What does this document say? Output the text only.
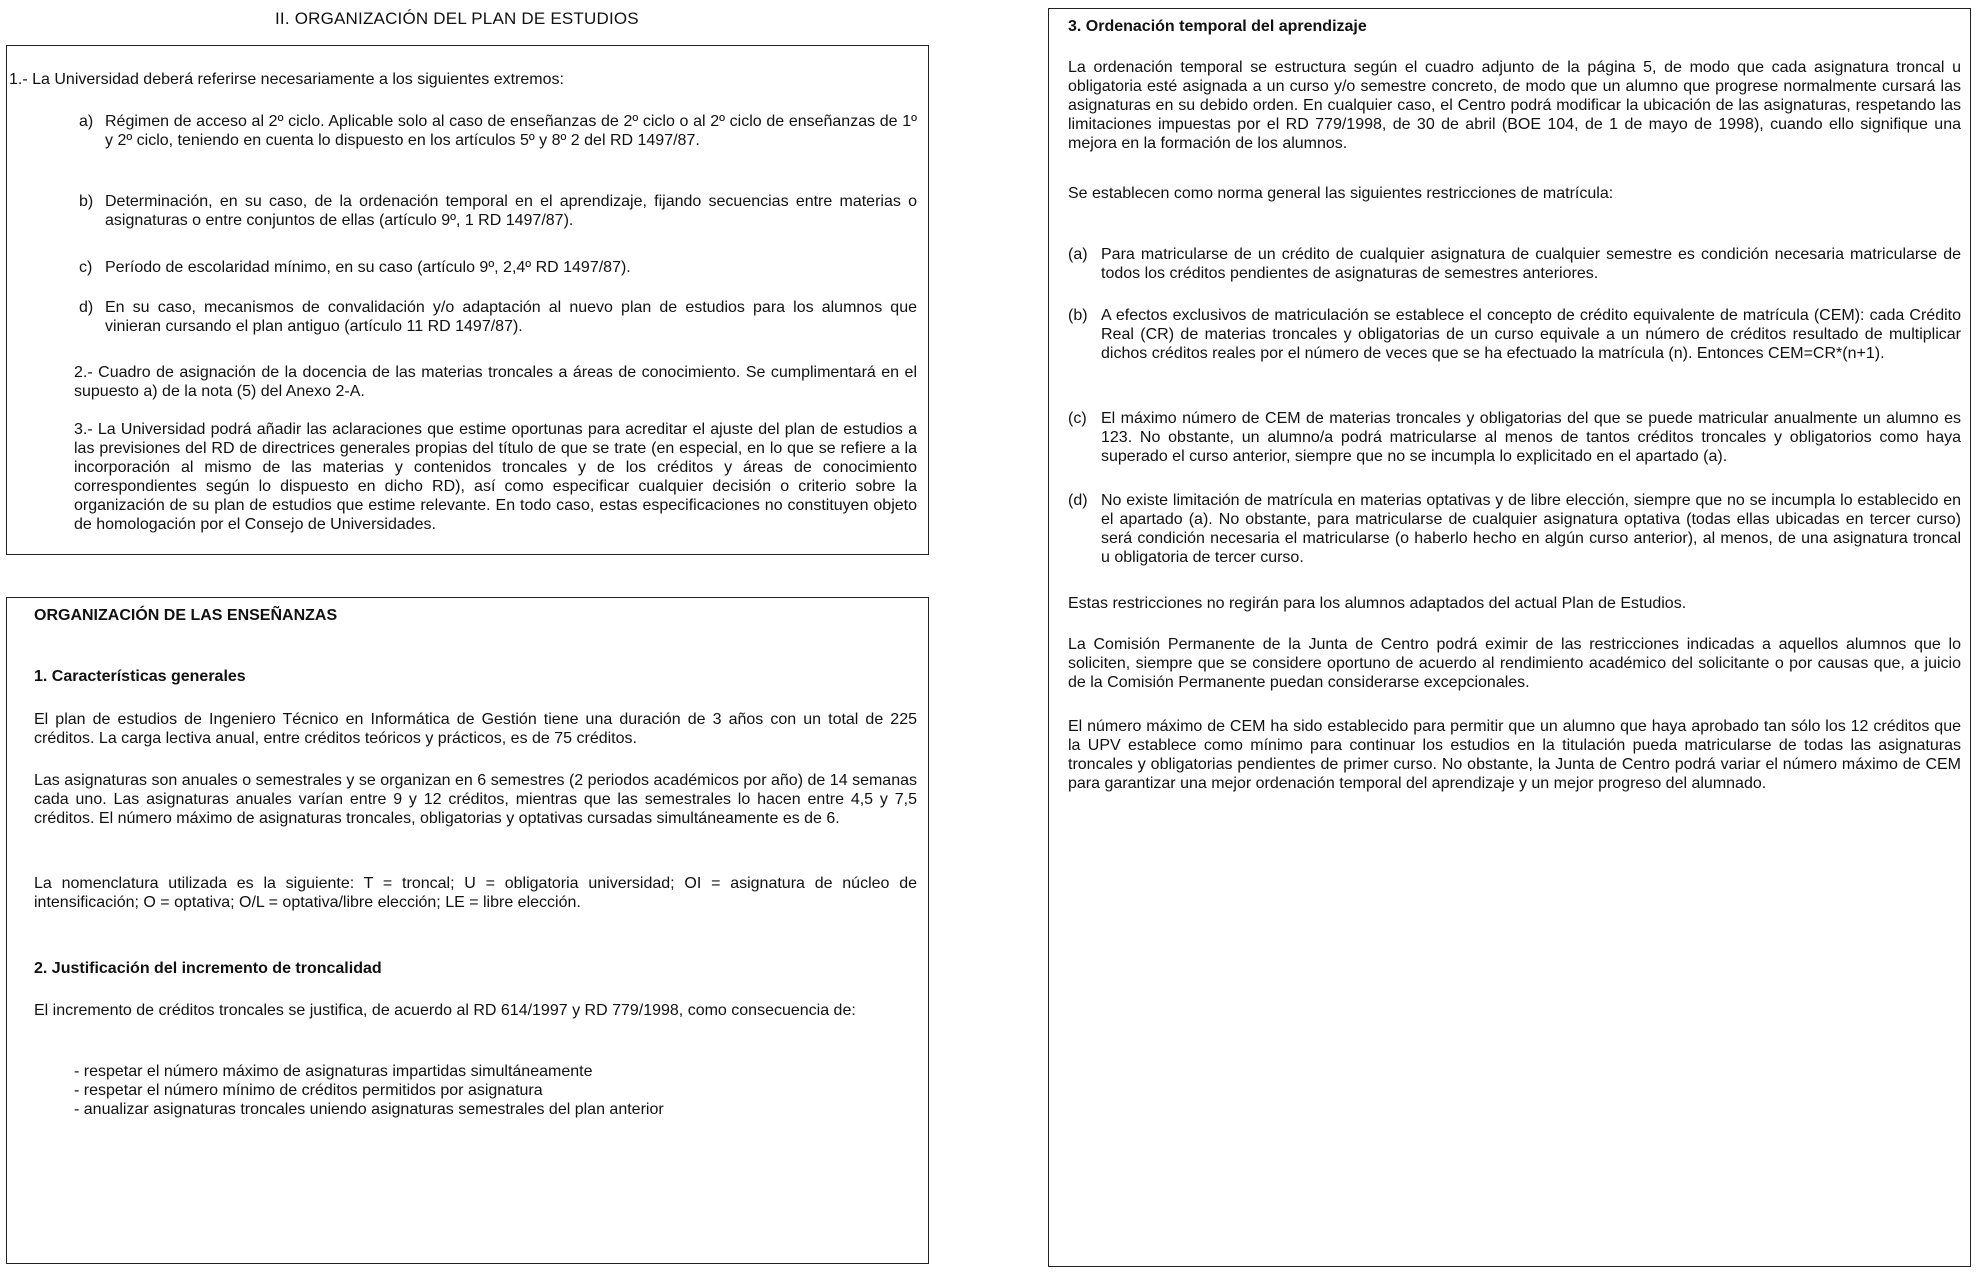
II. ORGANIZACIÓN DEL PLAN DE ESTUDIOS

1.- La Universidad deberá referirse necesariamente a los siguientes extremos:

a) Régimen de acceso al 2º ciclo. Aplicable solo al caso de enseñanzas de 2º ciclo o al 2º ciclo de enseñanzas de 1º y 2º ciclo, teniendo en cuenta lo dispuesto en los artículos 5º y 8º 2 del RD 1497/87.
b) Determinación, en su caso, de la ordenación temporal en el aprendizaje, fijando secuencias entre materias o asignaturas o entre conjuntos de ellas (artículo 9º, 1 RD 1497/87).
c) Período de escolaridad mínimo, en su caso (artículo 9º, 2,4º RD 1497/87).
d) En su caso, mecanismos de convalidación y/o adaptación al nuevo plan de estudios para los alumnos que vinieran cursando el plan antiguo (artículo 11 RD 1497/87).

2.- Cuadro de asignación de la docencia de las materias troncales a áreas de conocimiento. Se cumplimentará en el supuesto a) de la nota (5) del Anexo 2-A.

3.- La Universidad podrá añadir las aclaraciones que estime oportunas para acreditar el ajuste del plan de estudios a las previsiones del RD de directrices generales propias del título de que se trate (en especial, en lo que se refiere a la incorporación al mismo de las materias y contenidos troncales y de los créditos y áreas de conocimiento correspondientes según lo dispuesto en dicho RD), así como especificar cualquier decisión o criterio sobre la organización de su plan de estudios que estime relevante. En todo caso, estas especificaciones no constituyen objeto de homologación por el Consejo de Universidades.

ORGANIZACIÓN DE LAS ENSEÑANZAS

1. Características generales

El plan de estudios de Ingeniero Técnico en Informática de Gestión tiene una duración de 3 años con un total de 225 créditos. La carga lectiva anual, entre créditos teóricos y prácticos, es de 75 créditos.

Las asignaturas son anuales o semestrales y se organizan en 6 semestres (2 periodos académicos por año) de 14 semanas cada uno. Las asignaturas anuales varían entre 9 y 12 créditos, mientras que las semestrales lo hacen entre 4,5 y 7,5 créditos. El número máximo de asignaturas troncales, obligatorias y optativas cursadas simultáneamente es de 6.

La nomenclatura utilizada es la siguiente: T = troncal; U = obligatoria universidad; OI = asignatura de núcleo de intensificación; O = optativa; O/L = optativa/libre elección; LE = libre elección.

2. Justificación del incremento de troncalidad

El incremento de créditos troncales se justifica, de acuerdo al RD 614/1997 y RD 779/1998, como consecuencia de:

- respetar el número máximo de asignaturas impartidas simultáneamente

- respetar el número mínimo de créditos permitidos por asignatura

- anualizar asignaturas troncales uniendo asignaturas semestrales del plan anterior

3. Ordenación temporal del aprendizaje

La ordenación temporal se estructura según el cuadro adjunto de la página 5, de modo que cada asignatura troncal u obligatoria esté asignada a un curso y/o semestre concreto, de modo que un alumno que progrese normalmente cursará las asignaturas en su debido orden. En cualquier caso, el Centro podrá modificar la ubicación de las asignaturas, respetando las limitaciones impuestas por el RD 779/1998, de 30 de abril (BOE 104, de 1 de mayo de 1998), cuando ello signifique una mejora en la formación de los alumnos.

Se establecen como norma general las siguientes restricciones de matrícula:

(a) Para matricularse de un crédito de cualquier asignatura de cualquier semestre es condición necesaria matricularse de todos los créditos pendientes de asignaturas de semestres anteriores.
(b) A efectos exclusivos de matriculación se establece el concepto de crédito equivalente de matrícula (CEM): cada Crédito Real (CR) de materias troncales y obligatorias de un curso equivale a un número de créditos resultado de multiplicar dichos créditos reales por el número de veces que se ha efectuado la matrícula (n). Entonces CEM=CR*(n+1).
(c) El máximo número de CEM de materias troncales y obligatorias del que se puede matricular anualmente un alumno es 123. No obstante, un alumno/a podrá matricularse al menos de tantos créditos troncales y obligatorios como haya superado el curso anterior, siempre que no se incumpla lo explicitado en el apartado (a).
(d) No existe limitación de matrícula en materias optativas y de libre elección, siempre que no se incumpla lo establecido en el apartado (a). No obstante, para matricularse de cualquier asignatura optativa (todas ellas ubicadas en tercer curso) será condición necesaria el matricularse (o haberlo hecho en algún curso anterior), al menos, de una asignatura troncal u obligatoria de tercer curso.

Estas restricciones no regirán para los alumnos adaptados del actual Plan de Estudios.

La Comisión Permanente de la Junta de Centro podrá eximir de las restricciones indicadas a aquellos alumnos que lo soliciten, siempre que se considere oportuno de acuerdo al rendimiento académico del solicitante o por causas que, a juicio de la Comisión Permanente puedan considerarse excepcionales.

El número máximo de CEM ha sido establecido para permitir que un alumno que haya aprobado tan sólo los 12 créditos que la UPV establece como mínimo para continuar los estudios en la titulación pueda matricularse de todas las asignaturas troncales y obligatorias pendientes de primer curso. No obstante, la Junta de Centro podrá variar el número máximo de CEM para garantizar una mejor ordenación temporal del aprendizaje y un mejor progreso del alumnado.
